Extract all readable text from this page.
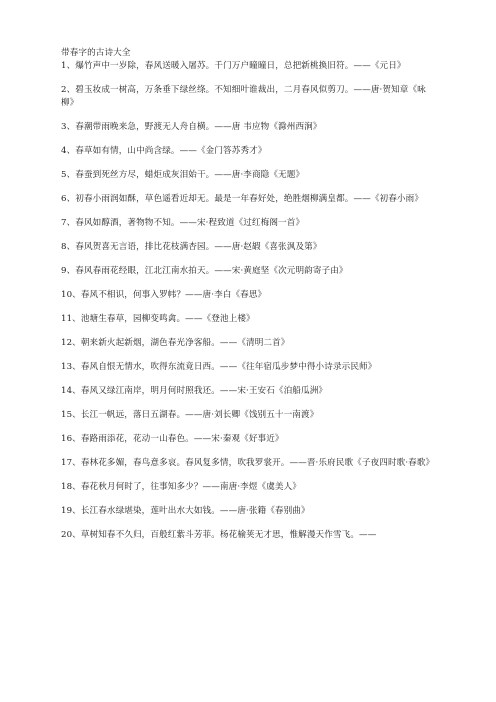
带春字的古诗大全
1、爆竹声中一岁除，春风送暖入屠苏。千门万户曈曈日，总把新桃换旧符。——《元日》
2、碧玉妆成一树高，万条垂下绿丝绦。不知细叶谁裁出，二月春风似剪刀。——唐·贺知章《咏柳》
3、春潮带雨晚来急，野渡无人舟自横。——唐 韦应物《滁州西涧》
4、春草如有情，山中尚含绿。——《金门答苏秀才》
5、春蚕到死丝方尽，蜡炬成灰泪始干。——唐·李商隐《无题》
6、初春小雨润如酥，草色遥看近却无。最是一年春好处，绝胜烟柳满皇都。——《初春小雨》
7、春风如醇酒，著物物不知。——宋·程致道《过红梅阁一首》
8、春风贺喜无言语，排比花枝满杏园。——唐·赵嘏《喜张沨及第》
9、春风春雨花经眼，江北江南水拍天。——宋·黄庭坚《次元明韵寄子由》
10、春风不相识，何事入罗帏？——唐·李白《春思》
11、池塘生春草，园柳变鸣禽。——《登池上楼》
12、朝来新火起新烟，湖色春光净客船。——《清明二首》
13、春风自恨无情水，吹得东流竟日西。——《往年宿瓜步梦中得小诗录示民师》
14、春风又绿江南岸，明月何时照我还。——宋·王安石《泊船瓜洲》
15、长江一帆远，落日五湖春。——唐·刘长卿《饯别五十一南渡》
16、春路雨添花，花动一山春色。——宋·秦观《好事近》
17、春林花多媚，春鸟意多哀。春风复多情，吹我罗裳开。——晋·乐府民歌《子夜四时歌·春歌》
18、春花秋月何时了，往事知多少？——南唐·李煜《虞美人》
19、长江春水绿堪染，莲叶出水大如钱。——唐·张籍《春别曲》
20、草树知春不久归，百般红紫斗芳菲。杨花榆荚无才思，惟解漫天作雪飞。——
